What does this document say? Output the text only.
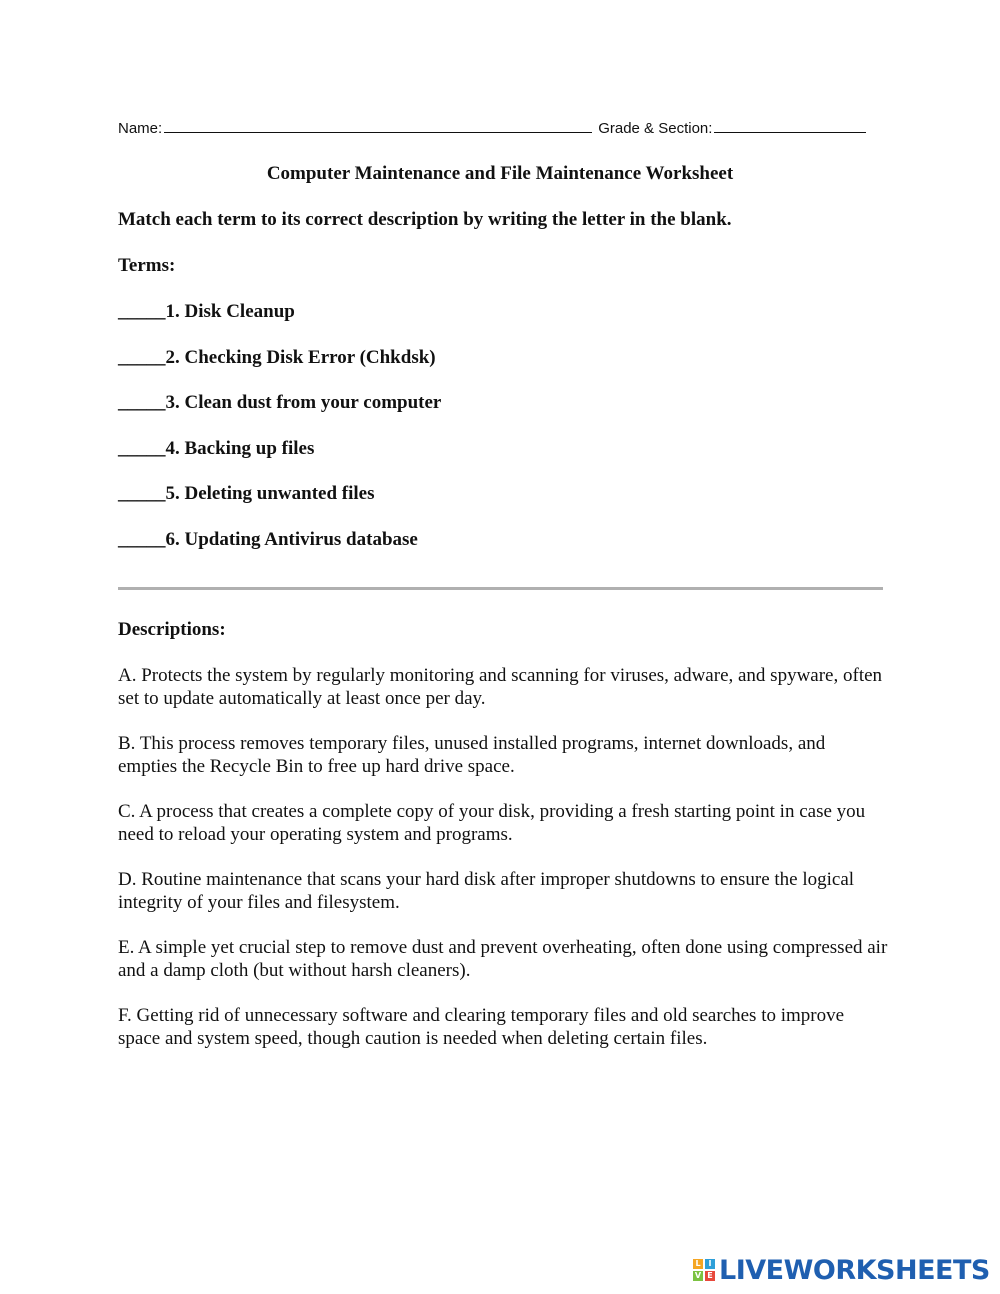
Name:	Grade & Section:
Computer Maintenance and File Maintenance Worksheet
Match each term to its correct description by writing the letter in the blank.
Terms:
_____1. Disk Cleanup
_____2. Checking Disk Error (Chkdsk)
_____3. Clean dust from your computer
_____4. Backing up files
_____5. Deleting unwanted files
_____6. Updating Antivirus database
Descriptions:
A. Protects the system by regularly monitoring and scanning for viruses, adware, and spyware, often set to update automatically at least once per day.
B. This process removes temporary files, unused installed programs, internet downloads, and empties the Recycle Bin to free up hard drive space.
C. A process that creates a complete copy of your disk, providing a fresh starting point in case you need to reload your operating system and programs.
D. Routine maintenance that scans your hard disk after improper shutdowns to ensure the logical integrity of your files and filesystem.
E. A simple yet crucial step to remove dust and prevent overheating, often done using compressed air and a damp cloth (but without harsh cleaners).
F. Getting rid of unnecessary software and clearing temporary files and old searches to improve space and system speed, though caution is needed when deleting certain files.
L I
V E LIVEWORKSHEETS
